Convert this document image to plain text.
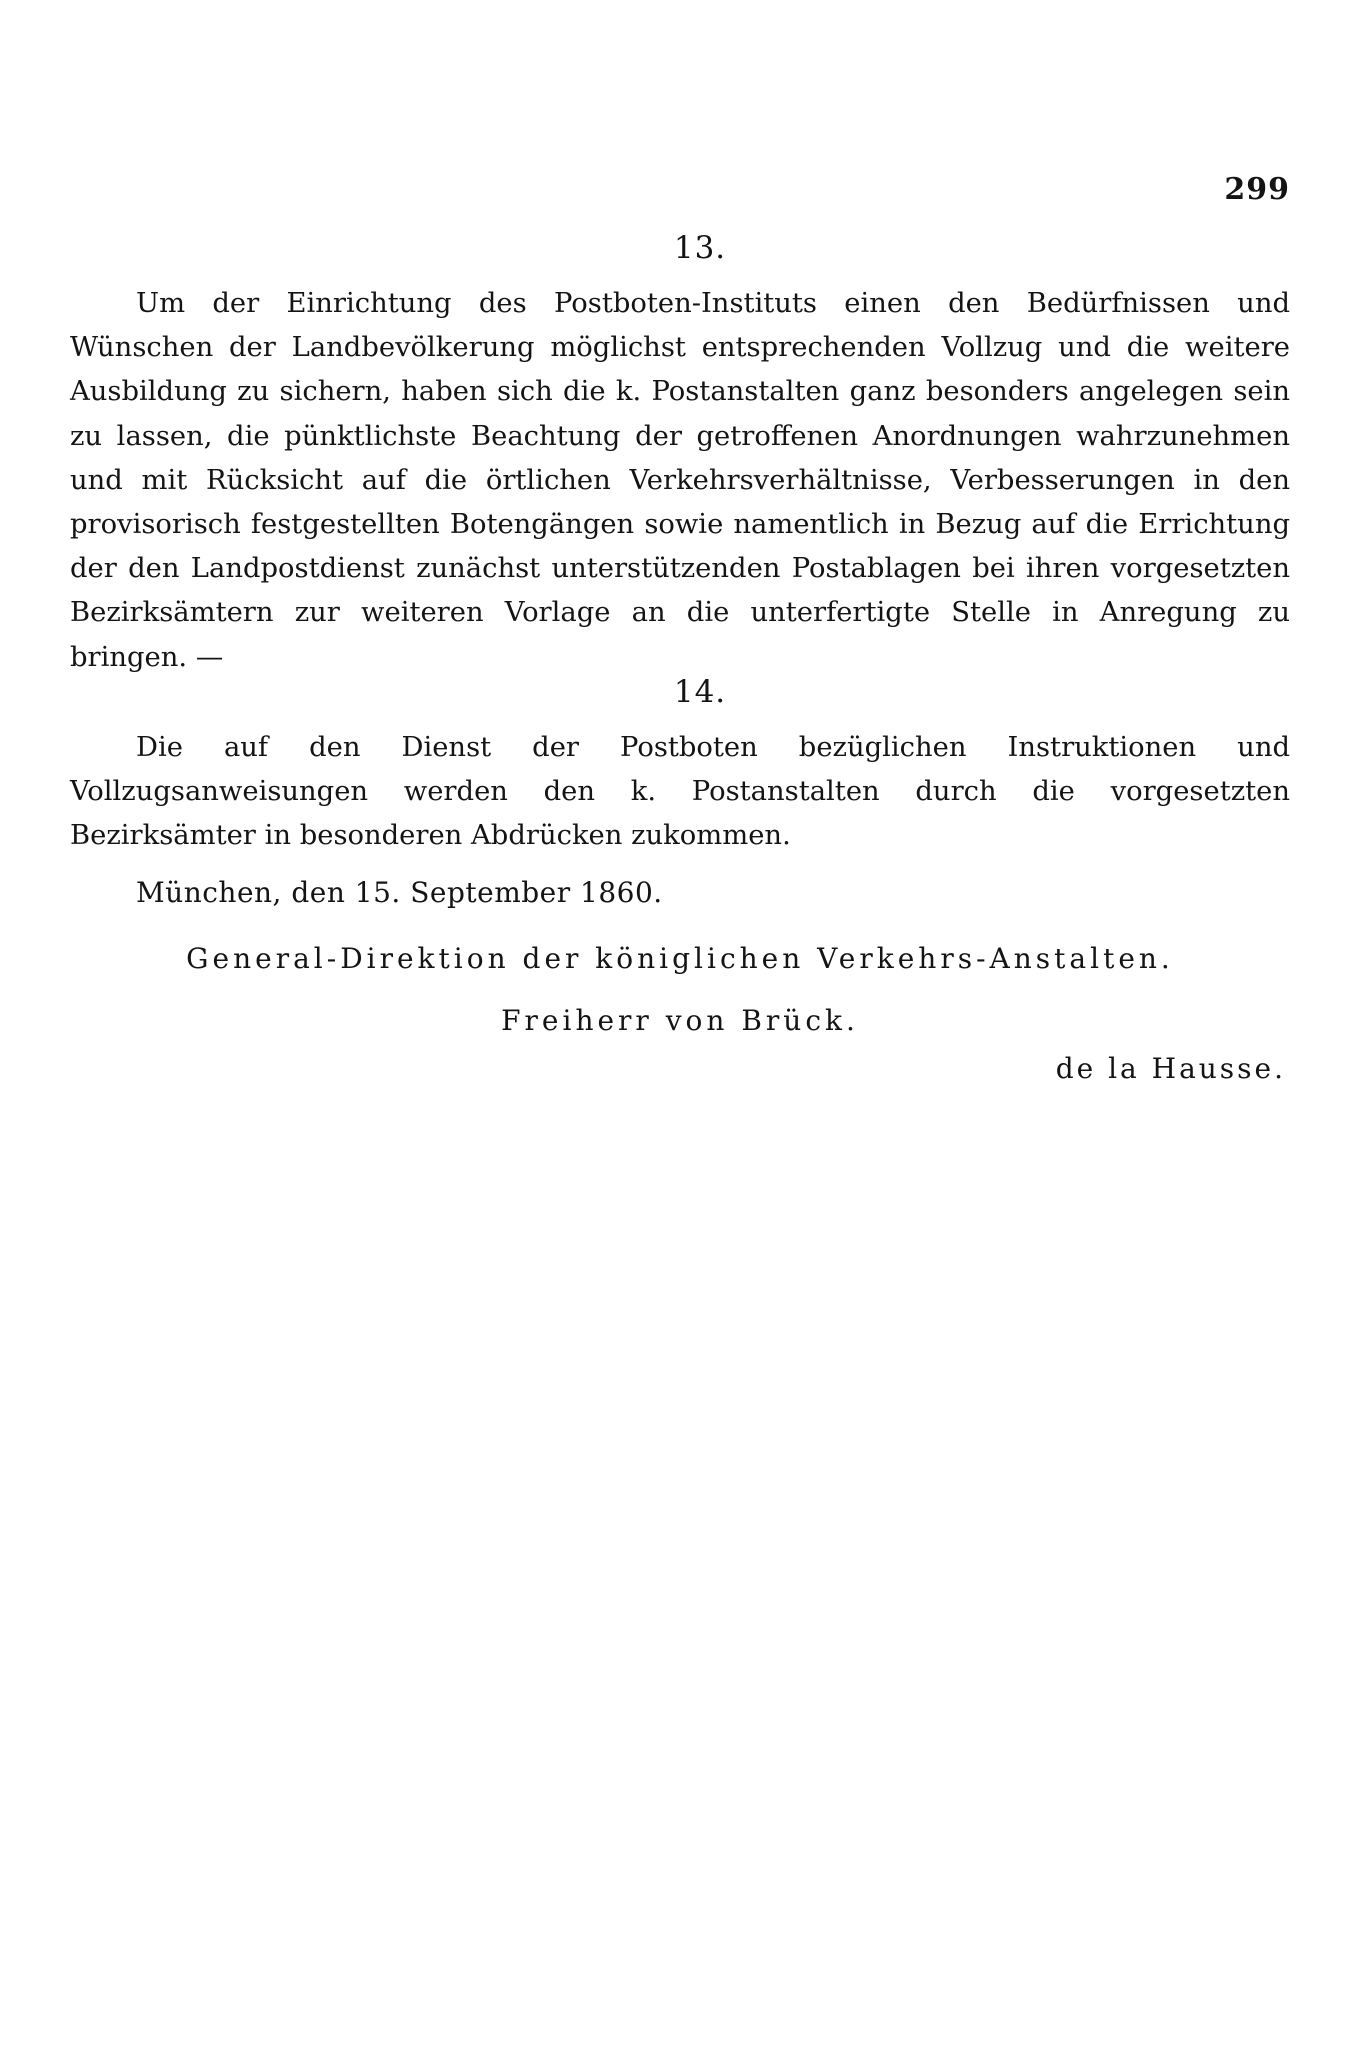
299
13.
Um der Einrichtung des Postboten-Instituts einen den Bedürfnissen und Wünschen der Landbevölkerung möglichst entsprechenden Vollzug und die weitere Ausbildung zu sichern, haben sich die k. Postanstalten ganz besonders angelegen sein zu lassen, die pünktlichste Beachtung der getroffenen Anordnungen wahrzunehmen und mit Rücksicht auf die örtlichen Verkehrsverhältnisse, Verbesserungen in den provisorisch festgestellten Botengängen sowie namentlich in Bezug auf die Errichtung der den Landpostdienst zunächst unterstützenden Postablagen bei ihren vorgesetzten Bezirksämtern zur weiteren Vorlage an die unterfertigte Stelle in Anregung zu bringen. —
14.
Die auf den Dienst der Postboten bezüglichen Instruktionen und Vollzugsanweisungen werden den k. Postanstalten durch die vorgesetzten Bezirksämter in besonderen Abdrücken zukommen.
München, den 15. September 1860.
General-Direktion der königlichen Verkehrs-Anstalten.
Freiherr von Brück.
de la Hausse.
